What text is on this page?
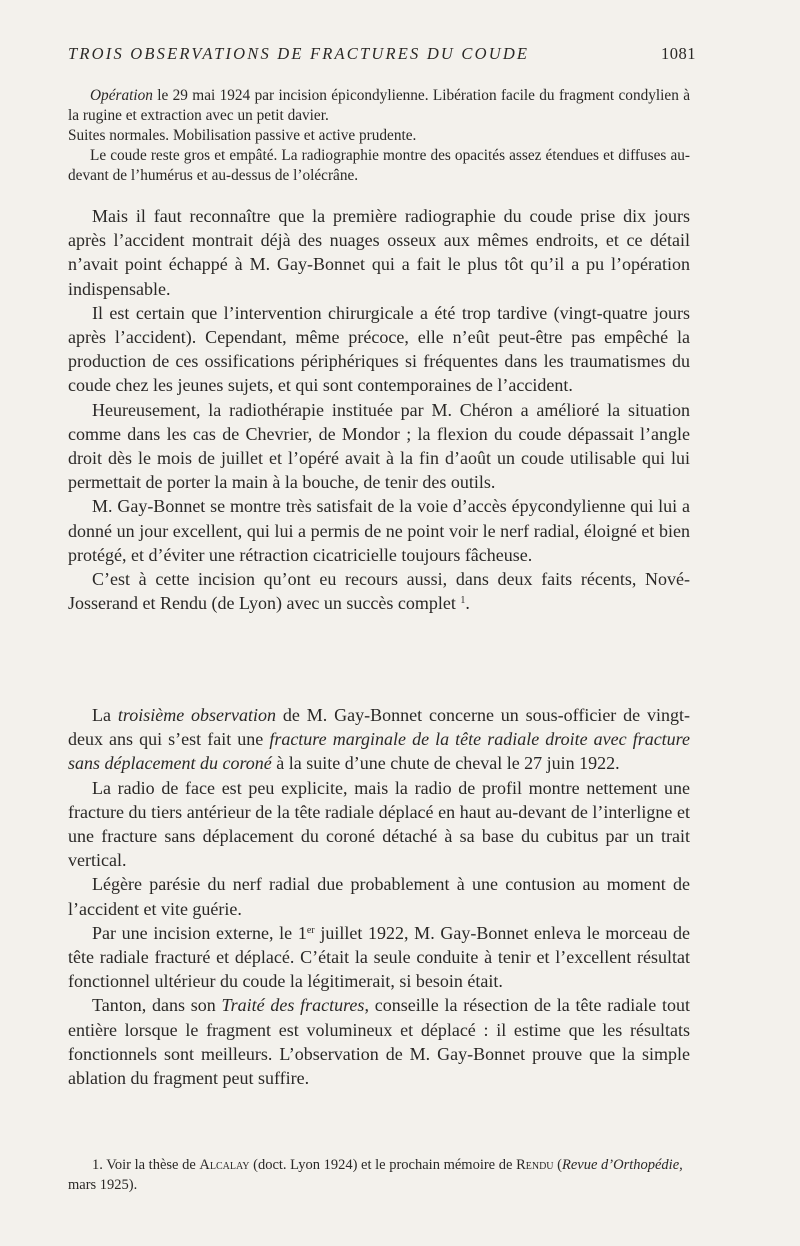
TROIS OBSERVATIONS DE FRACTURES DU COUDE	1081

Opération le 29 mai 1924 par incision épicondylienne. Libération facile du fragment condylien à la rugine et extraction avec un petit davier.

Suites normales. Mobilisation passive et active prudente.

Le coude reste gros et empâté. La radiographie montre des opacités assez étendues et diffuses au-devant de l’humérus et au-dessus de l’olécrâne.

Mais il faut reconnaître que la première radiographie du coude prise dix jours après l’accident montrait déjà des nuages osseux aux mêmes endroits, et ce détail n’avait point échappé à M. Gay-Bonnet qui a fait le plus tôt qu’il a pu l’opération indispensable.

Il est certain que l’intervention chirurgicale a été trop tardive (vingt-quatre jours après l’accident). Cependant, même précoce, elle n’eût peut-être pas empêché la production de ces ossifications périphériques si fréquentes dans les traumatismes du coude chez les jeunes sujets, et qui sont contemporaines de l’accident.

Heureusement, la radiothérapie instituée par M. Chéron a amélioré la situation comme dans les cas de Chevrier, de Mondor ; la flexion du coude dépassait l’angle droit dès le mois de juillet et l’opéré avait à la fin d’août un coude utilisable qui lui permettait de porter la main à la bouche, de tenir des outils.

M. Gay-Bonnet se montre très satisfait de la voie d’accès épycondylienne qui lui a donné un jour excellent, qui lui a permis de ne point voir le nerf radial, éloigné et bien protégé, et d’éviter une rétraction cicatricielle toujours fâcheuse.

C’est à cette incision qu’ont eu recours aussi, dans deux faits récents, Nové-Josserand et Rendu (de Lyon) avec un succès complet $^1$.

La troisième observation de M. Gay-Bonnet concerne un sous-officier de vingt-deux ans qui s’est fait une fracture marginale de la tête radiale droite avec fracture sans déplacement du coroné à la suite d’une chute de cheval le 27 juin 1922.

La radio de face est peu explicite, mais la radio de profil montre nettement une fracture du tiers antérieur de la tête radiale déplacé en haut au-devant de l’interligne et une fracture sans déplacement du coroné détaché à sa base du cubitus par un trait vertical.

Légère parésie du nerf radial due probablement à une contusion au moment de l’accident et vite guérie.

Par une incision externe, le 1er juillet 1922, M. Gay-Bonnet enleva le morceau de tête radiale fracturé et déplacé. C’était la seule conduite à tenir et l’excellent résultat fonctionnel ultérieur du coude la légitimerait, si besoin était.

Tanton, dans son Traité des fractures, conseille la résection de la tête radiale tout entière lorsque le fragment est volumineux et déplacé : il estime que les résultats fonctionnels sont meilleurs. L’observation de M. Gay-Bonnet prouve que la simple ablation du fragment peut suffire.

1. Voir la thèse de Alcalay (doct. Lyon 1924) et le prochain mémoire de Rendu (Revue d’Orthopédie, mars 1925).
